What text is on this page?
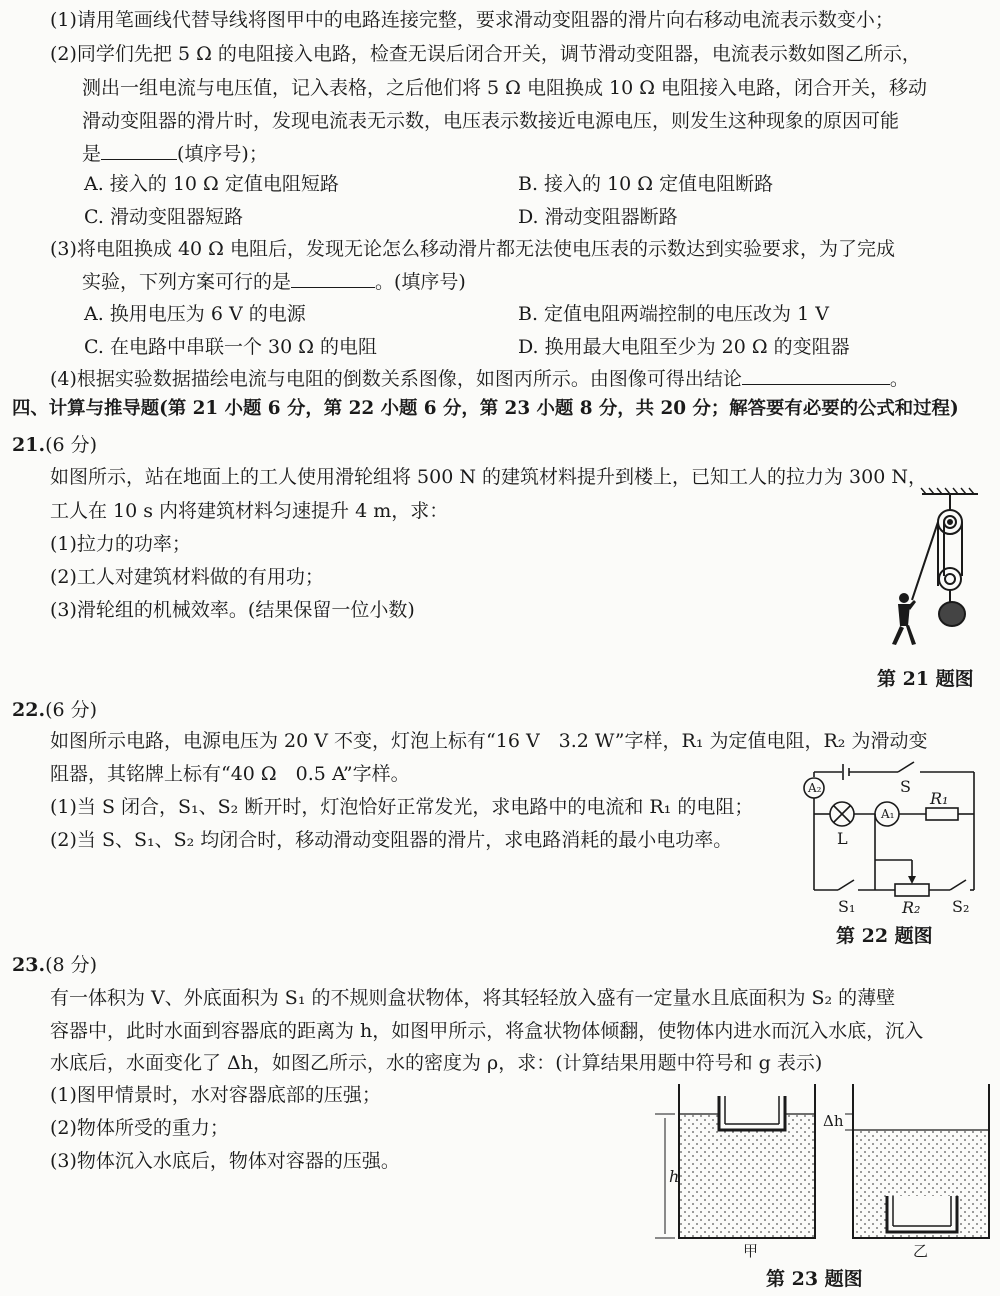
(1)请用笔画线代替导线将图甲中的电路连接完整，要求滑动变阻器的滑片向右移动电流表示数变小；
(2)同学们先把 5 Ω 的电阻接入电路，检查无误后闭合开关，调节滑动变阻器，电流表示数如图乙所示，
测出一组电流与电压值，记入表格，之后他们将 5 Ω 电阻换成 10 Ω 电阻接入电路，闭合开关，移动
滑动变阻器的滑片时，发现电流表无示数，电压表示数接近电源电压，则发生这种现象的原因可能
是	(填序号)；
A. 接入的 10 Ω 定值电阻短路	B. 接入的 10 Ω 定值电阻断路
C. 滑动变阻器短路	D. 滑动变阻器断路
(3)将电阻换成 40 Ω 电阻后，发现无论怎么移动滑片都无法使电压表的示数达到实验要求，为了完成
实验，下列方案可行的是	。(填序号)
A. 换用电压为 6 V 的电源	B. 定值电阻两端控制的电压改为 1 V
C. 在电路中串联一个 30 Ω 的电阻	D. 换用最大电阻至少为 20 Ω 的变阻器
(4)根据实验数据描绘电流与电阻的倒数关系图像，如图丙所示。由图像可得出结论	。
四、计算与推导题(第 21 小题 6 分，第 22 小题 6 分，第 23 小题 8 分，共 20 分；解答要有必要的公式和过程)
21.(6 分)
如图所示，站在地面上的工人使用滑轮组将 500 N 的建筑材料提升到楼上，已知工人的拉力为 300 N，
工人在 10 s 内将建筑材料匀速提升 4 m，求：
(1)拉力的功率；
(2)工人对建筑材料做的有用功；
(3)滑轮组的机械效率。(结果保留一位小数)
第 21 题图
22.(6 分)
如图所示电路，电源电压为 20 V 不变，灯泡上标有“16 V　3.2 W”字样，R₁ 为定值电阻，R₂ 为滑动变
阻器，其铭牌上标有“40 Ω　0.5 A”字样。
(1)当 S 闭合，S₁、S₂ 断开时，灯泡恰好正常发光，求电路中的电流和 R₁ 的电阻；
(2)当 S、S₁、S₂ 均闭合时，移动滑动变阻器的滑片，求电路消耗的最小电功率。
A₂
A₁
L
R₁
S
S₁	R₂ S₂
第 22 题图
23.(8 分)
有一体积为 V、外底面积为 S₁ 的不规则盒状物体，将其轻轻放入盛有一定量水且底面积为 S₂ 的薄壁
容器中，此时水面到容器底的距离为 h，如图甲所示，将盒状物体倾翻，使物体内进水而沉入水底，沉入
水底后，水面变化了 Δh，如图乙所示，水的密度为 ρ，求：(计算结果用题中符号和 g 表示)
(1)图甲情景时，水对容器底部的压强；
(2)物体所受的重力；
(3)物体沉入水底后，物体对容器的压强。
h
Δh
甲	乙
第 23 题图
